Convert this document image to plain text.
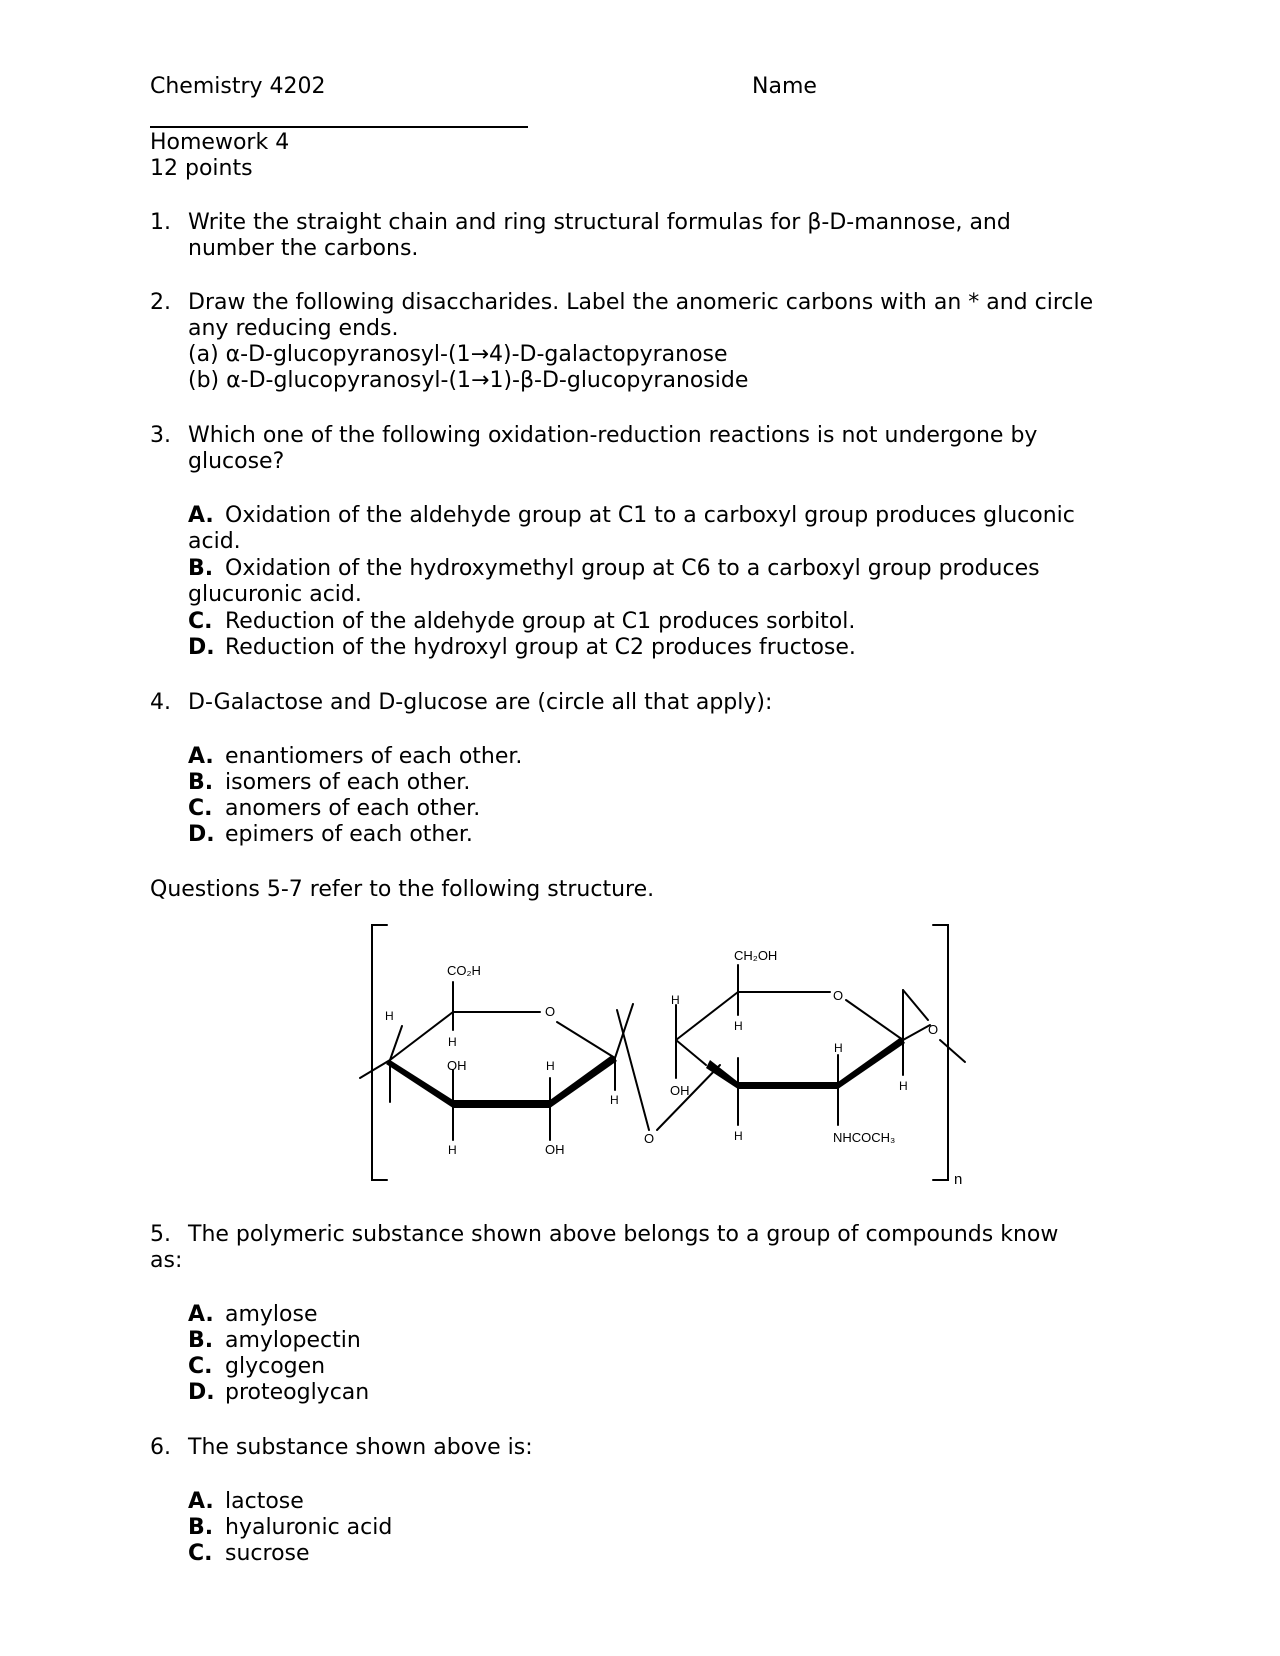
Chemistry 4202	Name
Homework 4
12 points
1. Write the straight chain and ring structural formulas for β-D-mannose, and
number the carbons.
2. Draw the following disaccharides. Label the anomeric carbons with an * and circle
any reducing ends.
(a) α-D-glucopyranosyl-(1→4)-D-galactopyranose
(b) α-D-glucopyranosyl-(1→1)-β-D-glucopyranoside
3. Which one of the following oxidation-reduction reactions is not undergone by
glucose?
A. Oxidation of the aldehyde group at C1 to a carboxyl group produces gluconic
acid.
B. Oxidation of the hydroxymethyl group at C6 to a carboxyl group produces
glucuronic acid.
C. Reduction of the aldehyde group at C1 produces sorbitol.
D. Reduction of the hydroxyl group at C2 produces fructose.
4. D-Galactose and D-glucose are (circle all that apply):
A. enantiomers of each other.
B. isomers of each other.
C. anomers of each other.
D. epimers of each other.
Questions 5-7 refer to the following structure.
CO₂H
CH₂OH
NHCOCH₃
O
O
O
O
H
H
H
H
H
H
H
H
H
H
OH
OH
OH
n
5. The polymeric substance shown above belongs to a group of compounds know
as:
A. amylose
B. amylopectin
C. glycogen
D. proteoglycan
6. The substance shown above is:
A. lactose
B. hyaluronic acid
C. sucrose
